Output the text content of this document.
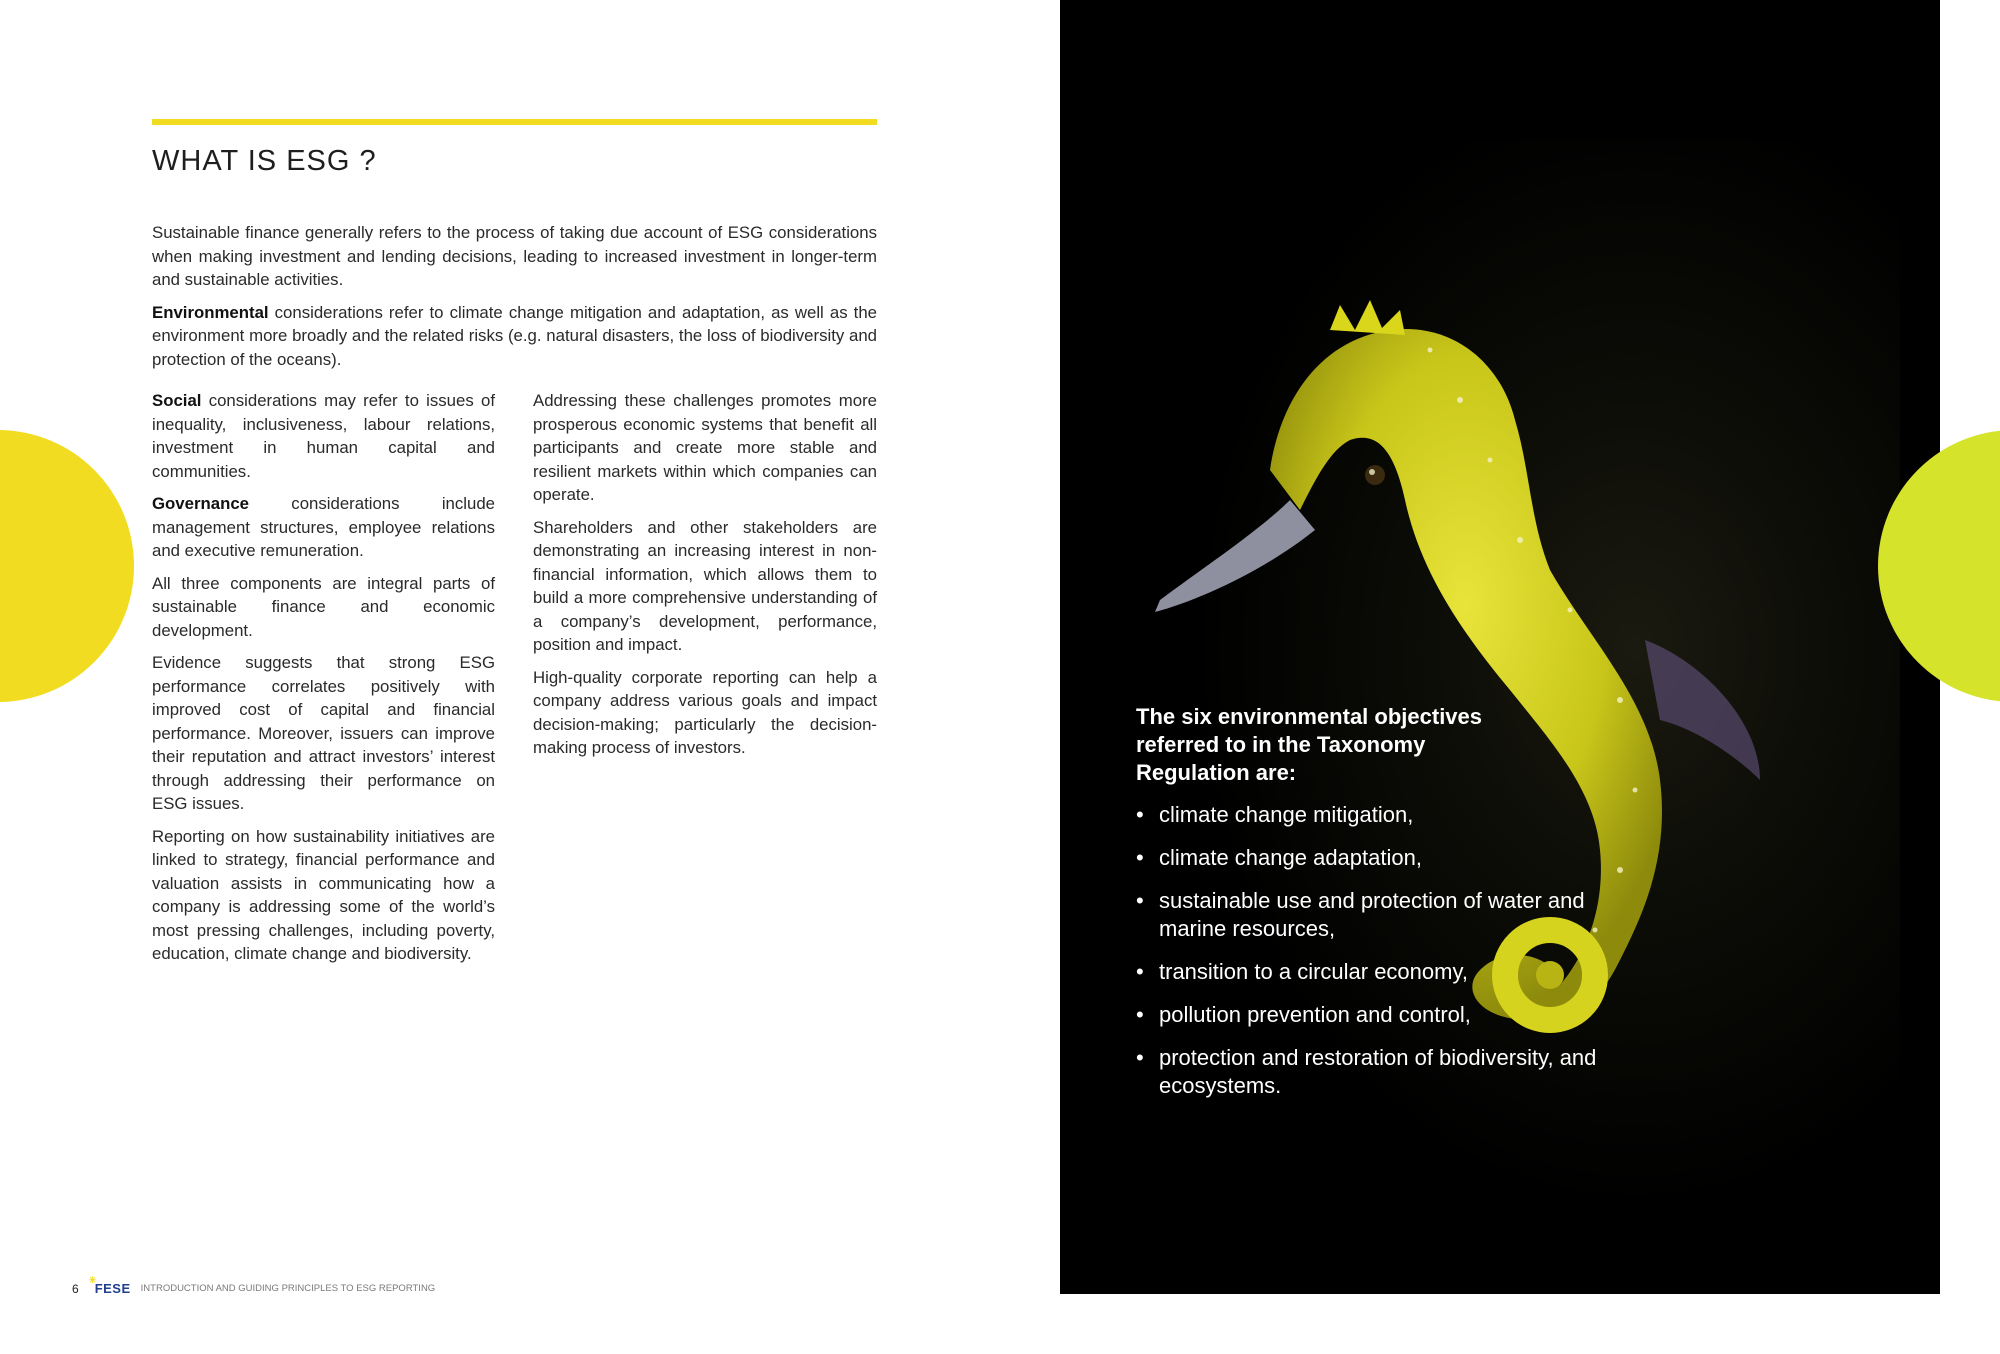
WHAT IS ESG ?

Sustainable finance generally refers to the process of taking due account of ESG considerations when making investment and lending decisions, leading to increased investment in longer-term and sustainable activities.

Environmental considerations refer to climate change mitigation and adaptation, as well as the environment more broadly and the related risks (e.g. natural disasters, the loss of biodiversity and protection of the oceans).

Social considerations may refer to issues of inequality, inclusiveness, labour relations, investment in human capital and communities.

Governance considerations include management structures, employee relations and executive remuneration.

All three components are integral parts of sustainable finance and economic development.

Evidence suggests that strong ESG performance correlates positively with improved cost of capital and financial performance. Moreover, issuers can improve their reputation and attract investors’ interest through addressing their performance on ESG issues.

Reporting on how sustainability initiatives are linked to strategy, financial performance and valuation assists in communicating how a company is addressing some of the world’s most pressing challenges, including poverty, education, climate change and biodiversity.

Addressing these challenges promotes more prosperous economic systems that benefit all participants and create more stable and resilient markets within which companies can operate.

Shareholders and other stakeholders are demonstrating an increasing interest in non-financial information, which allows them to build a more comprehensive understanding of a company’s development, performance, position and impact.

High-quality corporate reporting can help a company address various goals and impact decision-making; particularly the decision-making process of investors.

6
✳
FESE INTRODUCTION AND GUIDING PRINCIPLES TO ESG REPORTING

The six environmental objectives referred to in the Taxonomy Regulation are:

• climate change mitigation,
• climate change adaptation,
• sustainable use and protection of water and marine resources,
• transition to a circular economy,
• pollution prevention and control,
• protection and restoration of biodiversity, and ecosystems.
